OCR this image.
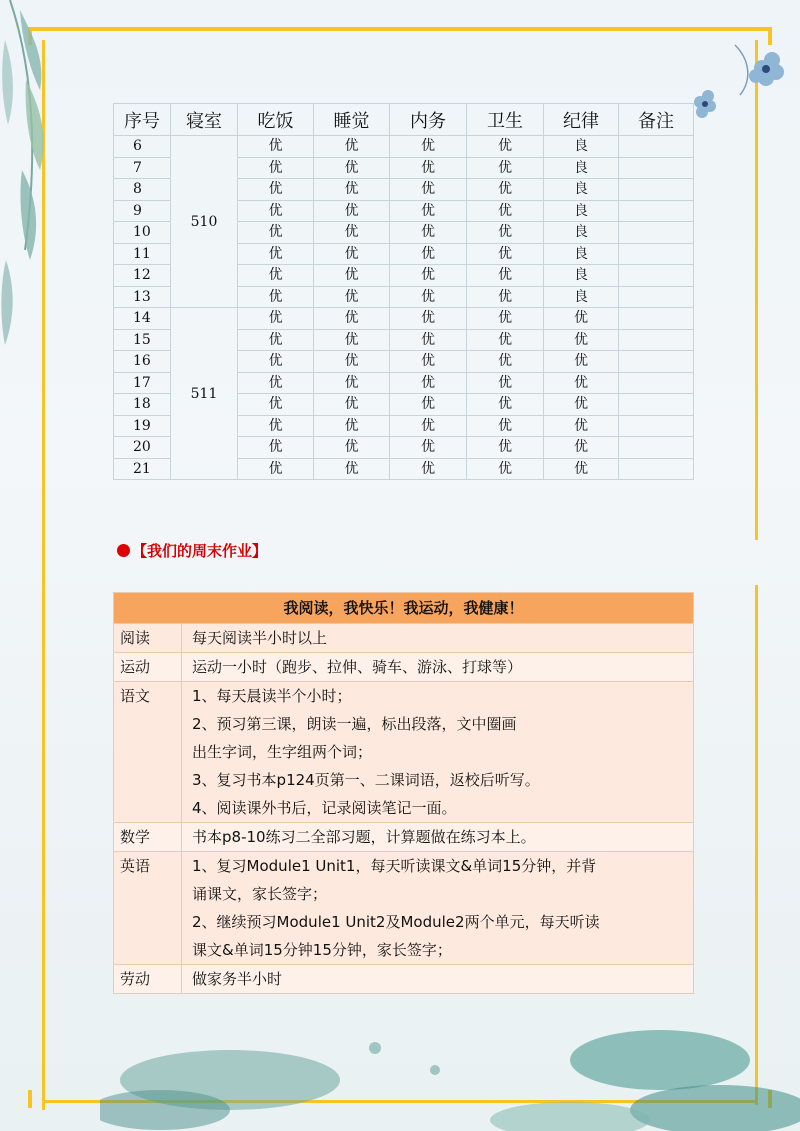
序号	寝室	吃饭	睡觉	内务	卫生	纪律	备注
6	510	优	优	优	优	良	
7		优	优	优	优	良	
8		优	优	优	优	良	
9		优	优	优	优	良	
10		优	优	优	优	良	
11		优	优	优	优	良	
12		优	优	优	优	良	
13		优	优	优	优	良	
14	511	优	优	优	优	优	
15		优	优	优	优	优	
16		优	优	优	优	优	
17		优	优	优	优	优	
18		优	优	优	优	优	
19		优	优	优	优	优	
20		优	优	优	优	优	
21		优	优	优	优	优	
【我们的周末作业】
我阅读，我快乐！我运动，我健康！	

阅读	每天阅读半小时以上

运动	运动一小时（跑步、拉伸、骑车、游泳、打球等）

语文	1、每天晨读半个小时；
2、预习第三课，朗读一遍，标出段落，文中圈画
出生字词，生字组两个词；
3、复习书本p124页第一、二课词语，返校后听写。
4、阅读课外书后，记录阅读笔记一面。

数学	书本p8-10练习二全部习题，计算题做在练习本上。

英语	1、复习Module1 Unit1，每天听读课文&单词15分钟，并背
诵课文，家长签字；
2、继续预习Module1 Unit2及Module2两个单元，每天听读
课文&单词15分钟15分钟，家长签字；

劳动	做家务半小时
